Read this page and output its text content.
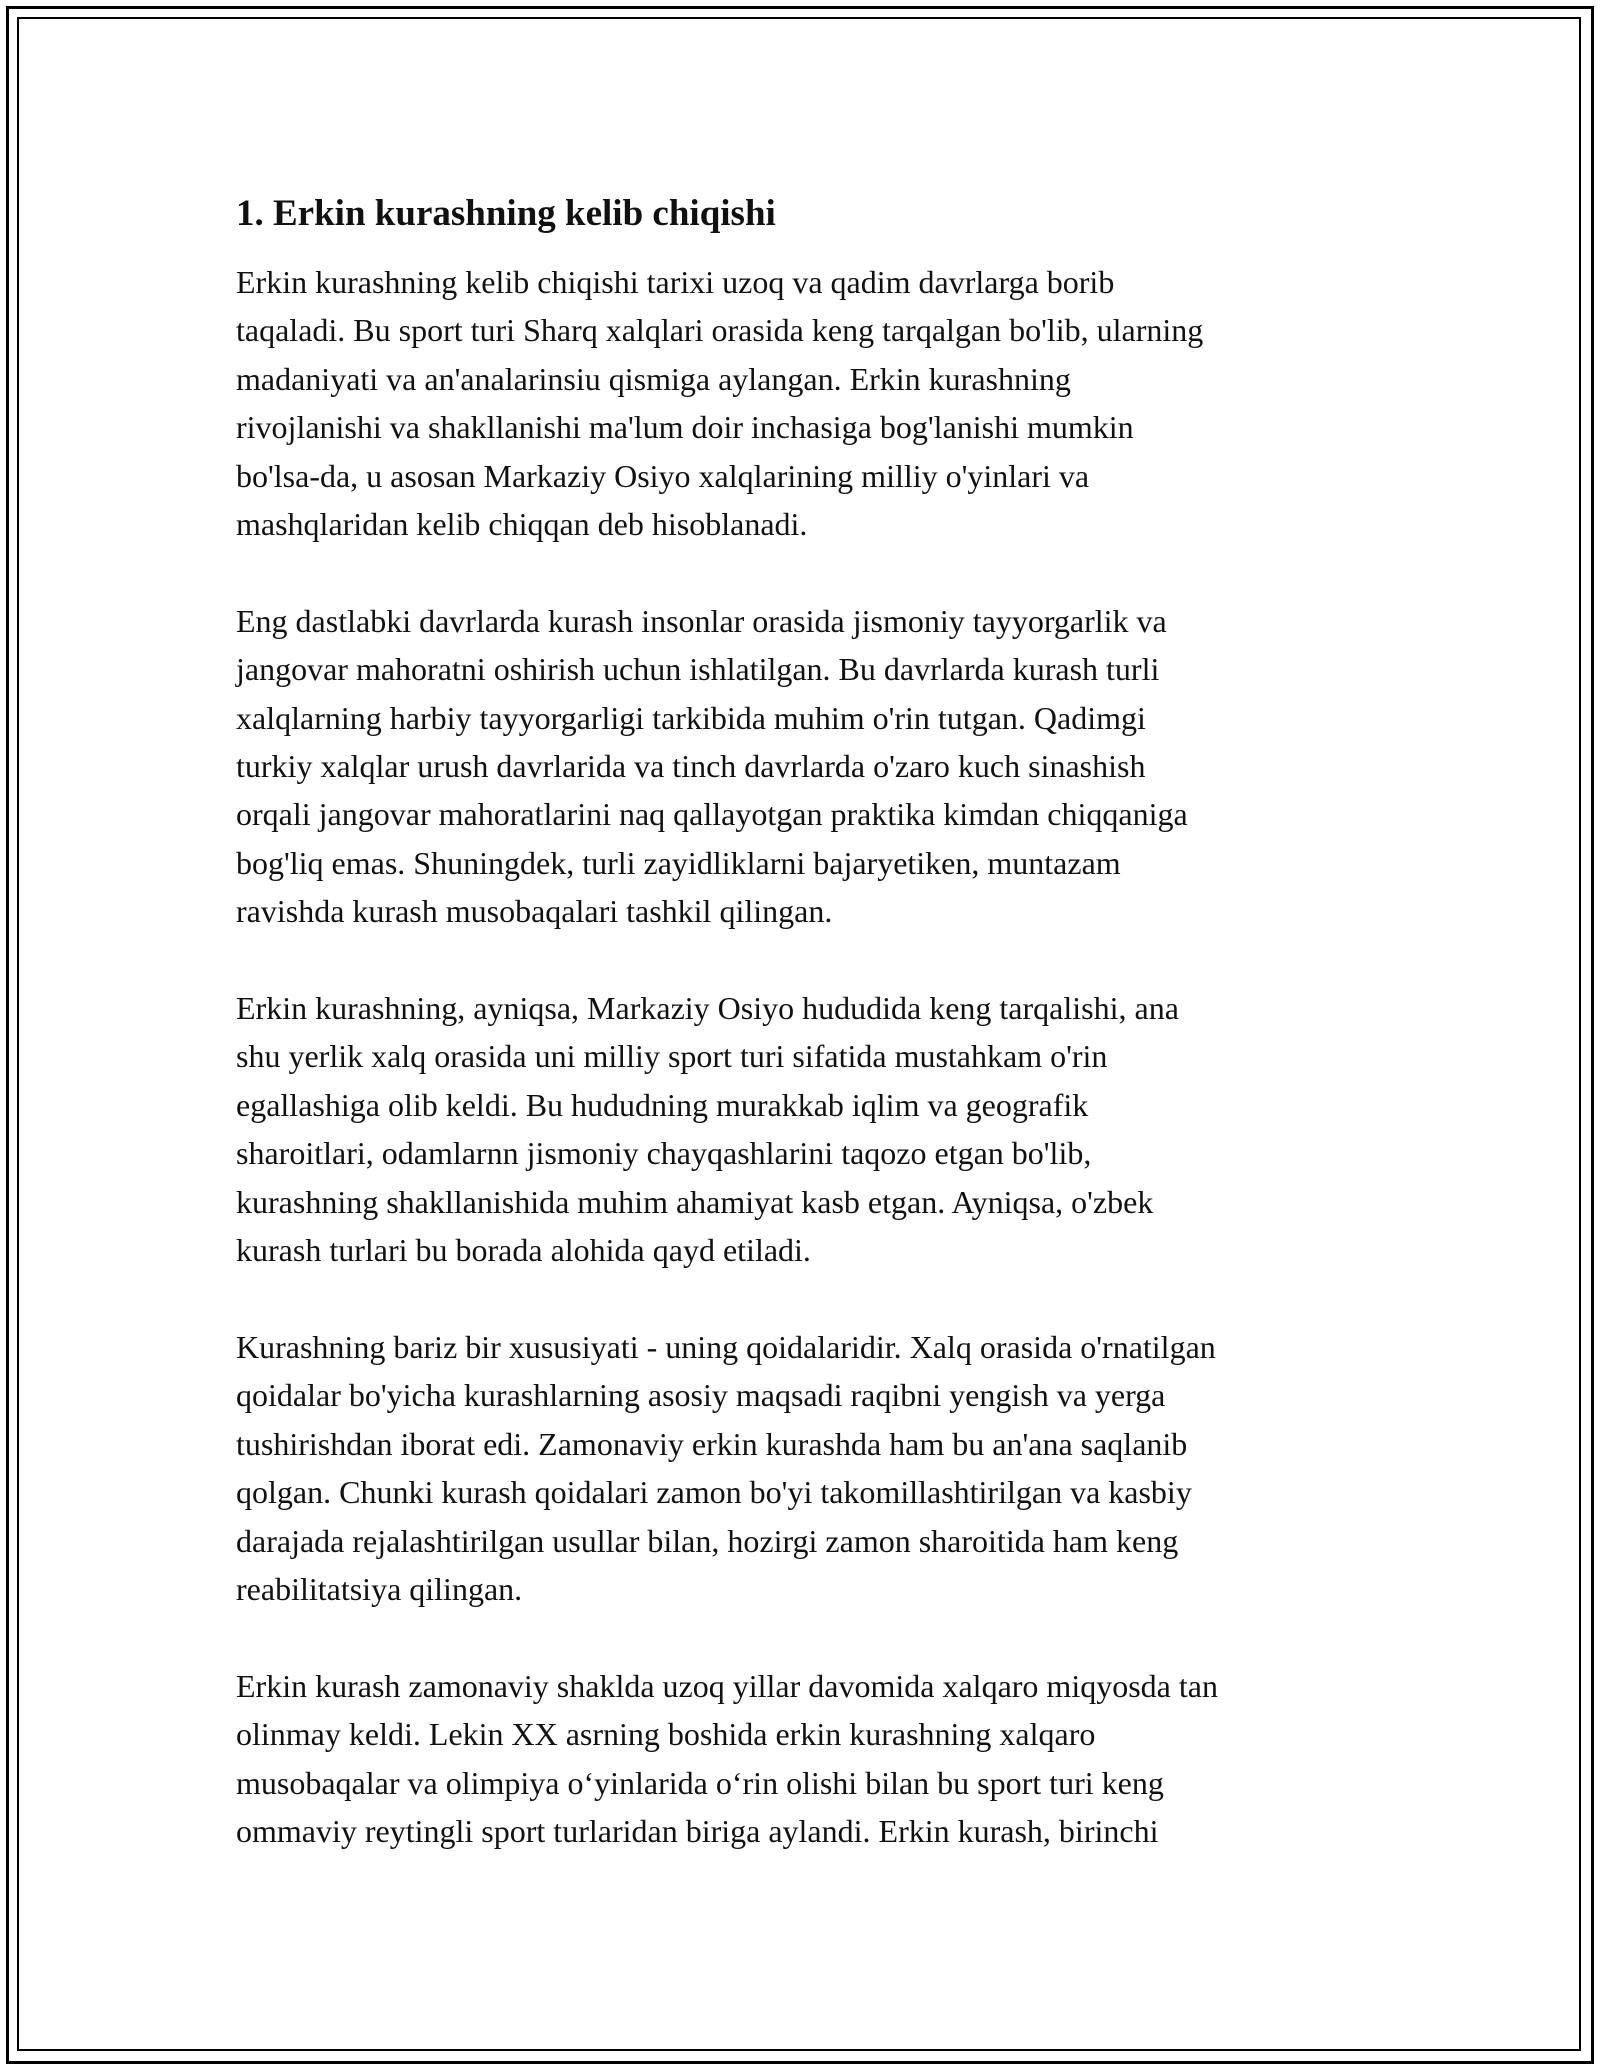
1. Erkin kurashning kelib chiqishi

Erkin kurashning kelib chiqishi tarixi uzoq va qadim davrlarga borib
taqaladi. Bu sport turi Sharq xalqlari orasida keng tarqalgan bo'lib, ularning
madaniyati va an'analarinsiu qismiga aylangan. Erkin kurashning
rivojlanishi va shakllanishi ma'lum doir inchasiga bog'lanishi mumkin
bo'lsa-da, u asosan Markaziy Osiyo xalqlarining milliy o'yinlari va
mashqlaridan kelib chiqqan deb hisoblanadi.

Eng dastlabki davrlarda kurash insonlar orasida jismoniy tayyorgarlik va
jangovar mahoratni oshirish uchun ishlatilgan. Bu davrlarda kurash turli
xalqlarning harbiy tayyorgarligi tarkibida muhim o'rin tutgan. Qadimgi
turkiy xalqlar urush davrlarida va tinch davrlarda o'zaro kuch sinashish
orqali jangovar mahoratlarini naq qallayotgan praktika kimdan chiqqaniga
bog'liq emas. Shuningdek, turli zayidliklarni bajaryetiken, muntazam
ravishda kurash musobaqalari tashkil qilingan.

Erkin kurashning, ayniqsa, Markaziy Osiyo hududida keng tarqalishi, ana
shu yerlik xalq orasida uni milliy sport turi sifatida mustahkam o'rin
egallashiga olib keldi. Bu hududning murakkab iqlim va geografik
sharoitlari, odamlarnn jismoniy chayqashlarini taqozo etgan bo'lib,
kurashning shakllanishida muhim ahamiyat kasb etgan. Ayniqsa, o'zbek
kurash turlari bu borada alohida qayd etiladi.

Kurashning bariz bir xususiyati - uning qoidalaridir. Xalq orasida o'rnatilgan
qoidalar bo'yicha kurashlarning asosiy maqsadi raqibni yengish va yerga
tushirishdan iborat edi. Zamonaviy erkin kurashda ham bu an'ana saqlanib
qolgan. Chunki kurash qoidalari zamon bo'yi takomillashtirilgan va kasbiy
darajada rejalashtirilgan usullar bilan, hozirgi zamon sharoitida ham keng
reabilitatsiya qilingan.

Erkin kurash zamonaviy shaklda uzoq yillar davomida xalqaro miqyosda tan
olinmay keldi. Lekin XX asrning boshida erkin kurashning xalqaro
musobaqalar va olimpiya o‘yinlarida o‘rin olishi bilan bu sport turi keng
ommaviy reytingli sport turlaridan biriga aylandi. Erkin kurash, birinchi
